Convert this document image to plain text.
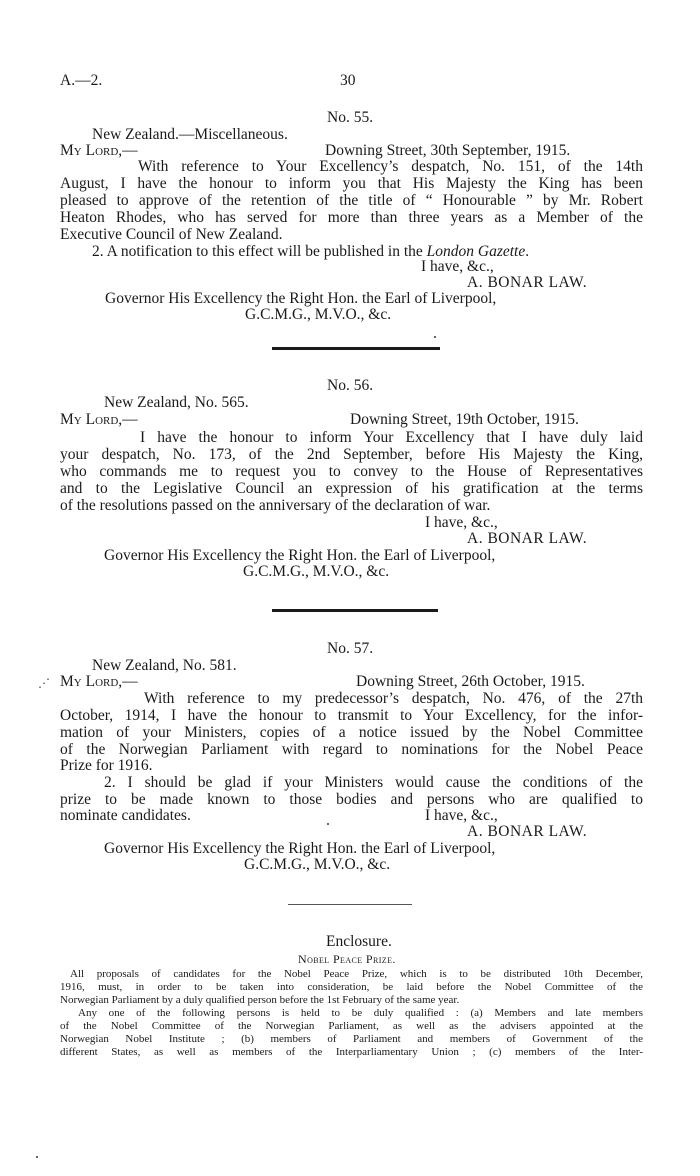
A.—2.	30
No. 55.
New Zealand.—Miscellaneous.
My Lord,—	Downing Street, 30th September, 1915.
With reference to Your Excellency’s despatch, No. 151, of the 14th
August, I have the honour to inform you that His Majesty the King has been
pleased to approve of the retention of the title of “ Honourable ” by Mr. Robert
Heaton Rhodes, who has served for more than three years as a Member of the
Executive Council of New Zealand.
2. A notification to this effect will be published in the London Gazette.
I have, &c.,
A. BONAR LAW.
Governor His Excellency the Right Hon. the Earl of Liverpool,
G.C.M.G., M.V.O., &c.
No. 56.
New Zealand, No. 565.
My Lord,—	Downing Street, 19th October, 1915.
I have the honour to inform Your Excellency that I have duly laid
your despatch, No. 173, of the 2nd September, before His Majesty the King,
who commands me to request you to convey to the House of Representatives
and to the Legislative Council an expression of his gratification at the terms
of the resolutions passed on the anniversary of the declaration of war.
I have, &c.,
A. BONAR LAW.
Governor His Excellency the Right Hon. the Earl of Liverpool,
G.C.M.G., M.V.O., &c.
No. 57.
New Zealand, No. 581.
My Lord,—	Downing Street, 26th October, 1915.
With reference to my predecessor’s despatch, No. 476, of the 27th
October, 1914, I have the honour to transmit to Your Excellency, for the infor-
mation of your Ministers, copies of a notice issued by the Nobel Committee
of the Norwegian Parliament with regard to nominations for the Nobel Peace
Prize for 1916.
2. I should be glad if your Ministers would cause the conditions of the
prize to be made known to those bodies and persons who are qualified to
nominate candidates.	I have, &c.,
A. BONAR LAW.
Governor His Excellency the Right Hon. the Earl of Liverpool,
G.C.M.G., M.V.O., &c.
⋰
Enclosure.
Nobel Peace Prize.
All proposals of candidates for the Nobel Peace Prize, which is to be distributed 10th December,
1916, must, in order to be taken into consideration, be laid before the Nobel Committee of the
Norwegian Parliament by a duly qualified person before the 1st February of the same year.
Any one of the following persons is held to be duly qualified : (a) Members and late members
of the Nobel Committee of the Norwegian Parliament, as well as the advisers appointed at the
Norwegian Nobel Institute ; (b) members of Parliament and members of Government of the
different States, as well as members of the Interparliamentary Union ; (c) members of the Inter-
